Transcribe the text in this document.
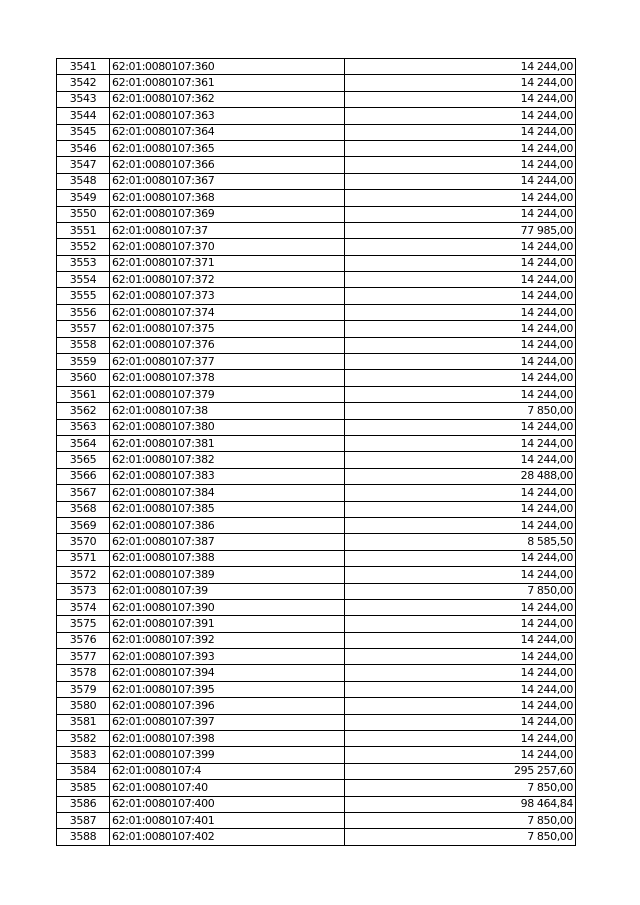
3541	62:01:0080107:360	14 244,00
3542	62:01:0080107:361	14 244,00
3543	62:01:0080107:362	14 244,00
3544	62:01:0080107:363	14 244,00
3545	62:01:0080107:364	14 244,00
3546	62:01:0080107:365	14 244,00
3547	62:01:0080107:366	14 244,00
3548	62:01:0080107:367	14 244,00
3549	62:01:0080107:368	14 244,00
3550	62:01:0080107:369	14 244,00
3551	62:01:0080107:37	77 985,00
3552	62:01:0080107:370	14 244,00
3553	62:01:0080107:371	14 244,00
3554	62:01:0080107:372	14 244,00
3555	62:01:0080107:373	14 244,00
3556	62:01:0080107:374	14 244,00
3557	62:01:0080107:375	14 244,00
3558	62:01:0080107:376	14 244,00
3559	62:01:0080107:377	14 244,00
3560	62:01:0080107:378	14 244,00
3561	62:01:0080107:379	14 244,00
3562	62:01:0080107:38	7 850,00
3563	62:01:0080107:380	14 244,00
3564	62:01:0080107:381	14 244,00
3565	62:01:0080107:382	14 244,00
3566	62:01:0080107:383	28 488,00
3567	62:01:0080107:384	14 244,00
3568	62:01:0080107:385	14 244,00
3569	62:01:0080107:386	14 244,00
3570	62:01:0080107:387	8 585,50
3571	62:01:0080107:388	14 244,00
3572	62:01:0080107:389	14 244,00
3573	62:01:0080107:39	7 850,00
3574	62:01:0080107:390	14 244,00
3575	62:01:0080107:391	14 244,00
3576	62:01:0080107:392	14 244,00
3577	62:01:0080107:393	14 244,00
3578	62:01:0080107:394	14 244,00
3579	62:01:0080107:395	14 244,00
3580	62:01:0080107:396	14 244,00
3581	62:01:0080107:397	14 244,00
3582	62:01:0080107:398	14 244,00
3583	62:01:0080107:399	14 244,00
3584	62:01:0080107:4	295 257,60
3585	62:01:0080107:40	7 850,00
3586	62:01:0080107:400	98 464,84
3587	62:01:0080107:401	7 850,00
3588	62:01:0080107:402	7 850,00
